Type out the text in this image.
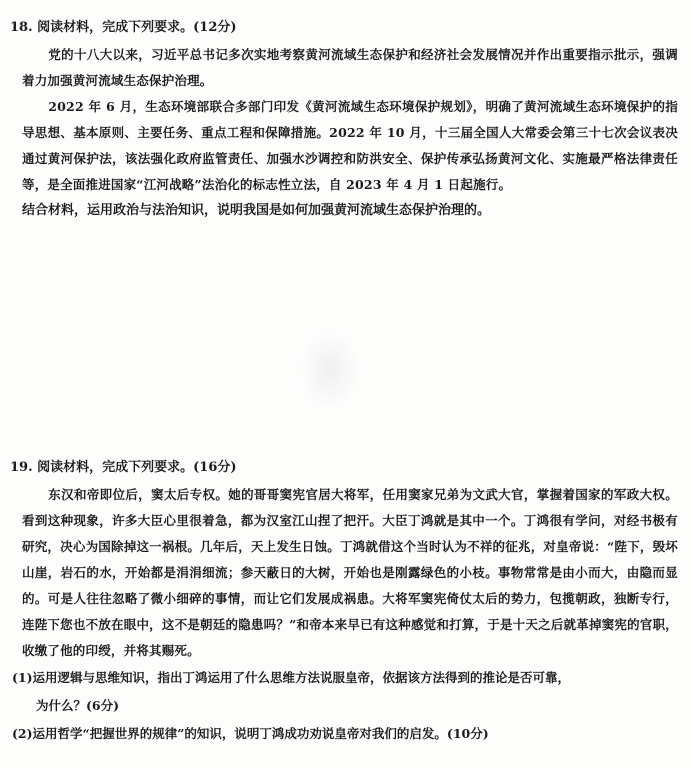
18. 阅读材料，完成下列要求。(12分)

党的十八大以来，习近平总书记多次实地考察黄河流域生态保护和经济社会发展情况并作出重要指示批示，强调着力加强黄河流域生态保护治理。

2022 年 6 月，生态环境部联合多部门印发《黄河流域生态环境保护规划》，明确了黄河流域生态环境保护的指导思想、基本原则、主要任务、重点工程和保障措施。2022 年 10 月，十三届全国人大常委会第三十七次会议表决通过黄河保护法，该法强化政府监管责任、加强水沙调控和防洪安全、保护传承弘扬黄河文化、实施最严格法律责任等，是全面推进国家“江河战略”法治化的标志性立法，自 2023 年 4 月 1 日起施行。

结合材料，运用政治与法治知识，说明我国是如何加强黄河流域生态保护治理的。

19. 阅读材料，完成下列要求。(16分)

东汉和帝即位后，窦太后专权。她的哥哥窦宪官居大将军，任用窦家兄弟为文武大官，掌握着国家的军政大权。看到这种现象，许多大臣心里很着急，都为汉室江山捏了把汗。大臣丁鸿就是其中一个。丁鸿很有学问，对经书极有研究，决心为国除掉这一祸根。几年后，天上发生日蚀。丁鸿就借这个当时认为不祥的征兆，对皇帝说：“陛下，毁坏山崖，岩石的水，开始都是涓涓细流；参天蔽日的大树，开始也是刚露绿色的小枝。事物常常是由小而大，由隐而显的。可是人往往忽略了微小细碎的事情，而让它们发展成祸患。大将军窦宪倚仗太后的势力，包揽朝政，独断专行，连陛下您也不放在眼中，这不是朝廷的隐患吗？”和帝本来早已有这种感觉和打算，于是十天之后就革掉窦宪的官职，收缴了他的印绶，并将其赐死。

(1)运用逻辑与思维知识，指出丁鸿运用了什么思维方法说服皇帝，依据该方法得到的推论是否可靠，

为什么？(6分)

(2)运用哲学“把握世界的规律”的知识，说明丁鸿成功劝说皇帝对我们的启发。(10分)
